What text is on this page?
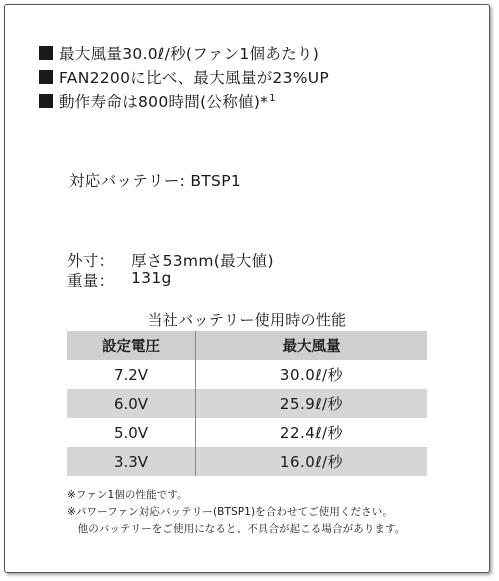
最大風量30.0ℓ/秒(ファン1個あたり)
FAN2200に比べ、最大風量が23%UP
動作寿命は800時間(公称値)*$^1$
対応バッテリー: BTSP1
外寸：	厚さ53mm(最大値)
重量：	131g
当社バッテリー使用時の性能
設定電圧	最大風量
7.2V	30.0ℓ/秒
6.0V	25.9ℓ/秒
5.0V	22.4ℓ/秒
3.3V	16.0ℓ/秒
※ファン1個の性能です。
※パワーファン対応バッテリー(BTSP1)を合わせてご使用ください。
　他のバッテリーをご使用になると、不具合が起こる場合があります。
